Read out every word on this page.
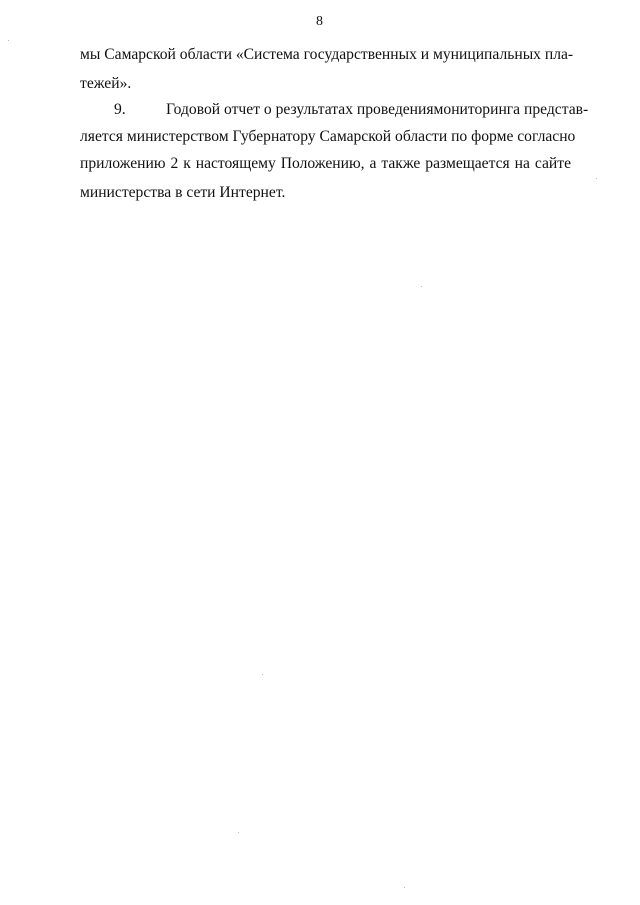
8
мы Самарской области «Система государственных и муниципальных пла-
тежей».
9.	Годовой отчет о результатах проведениямониторинга представ-
ляется министерством Губернатору Самарской области по форме согласно
приложению 2 к настоящему Положению, а также размещается на сайте
министерства в сети Интернет.
